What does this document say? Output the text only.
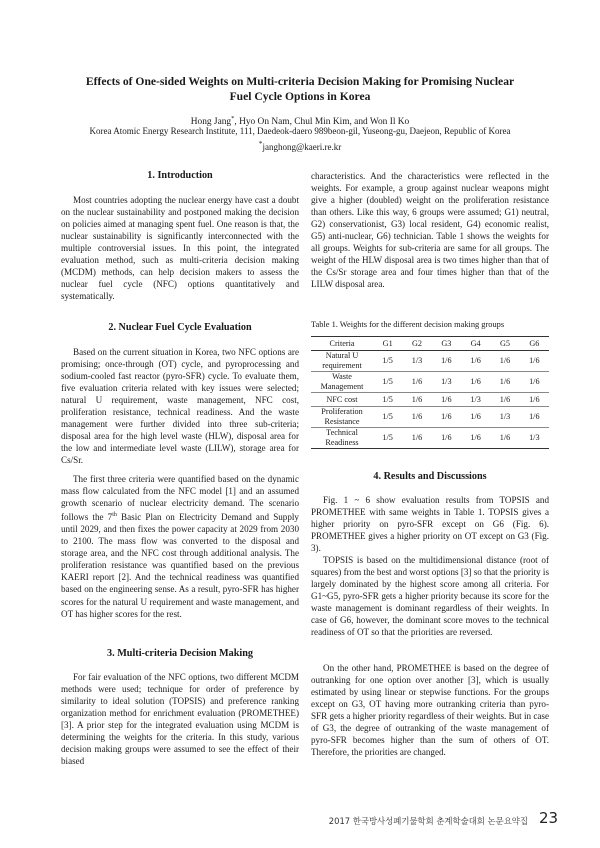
Effects of One-sided Weights on Multi-criteria Decision Making for Promising Nuclear
Fuel Cycle Options in Korea
Hong Jang*, Hyo On Nam, Chul Min Kim, and Won Il Ko
Korea Atomic Energy Research Institute, 111, Daedeok-daero 989beon-gil, Yuseong-gu, Daejeon, Republic of Korea
*janghong@kaeri.re.kr
1. Introduction

Most countries adopting the nuclear energy have cast a doubt on the nuclear sustainability and postponed making the decision on policies aimed at managing spent fuel. One reason is that, the nuclear sustainability is significantly interconnected with the multiple controversial issues. In this point, the integrated evaluation method, such as multi-criteria decision making (MCDM) methods, can help decision makers to assess the nuclear fuel cycle (NFC) options quantitatively and systematically.

2. Nuclear Fuel Cycle Evaluation

Based on the current situation in Korea, two NFC options are promising; once-through (OT) cycle, and pyroprocessing and sodium-cooled fast reactor (pyro-SFR) cycle. To evaluate them, five evaluation criteria related with key issues were selected; natural U requirement, waste management, NFC cost, proliferation resistance, technical readiness. And the waste management were further divided into three sub-criteria; disposal area for the high level waste (HLW), disposal area for the low and intermediate level waste (LILW), storage area for Cs/Sr.

The first three criteria were quantified based on the dynamic mass flow calculated from the NFC model [1] and an assumed growth scenario of nuclear electricity demand. The scenario follows the 7th Basic Plan on Electricity Demand and Supply until 2029, and then fixes the power capacity at 2029 from 2030 to 2100. The mass flow was converted to the disposal and storage area, and the NFC cost through additional analysis. The proliferation resistance was quantified based on the previous KAERI report [2]. And the technical readiness was quantified based on the engineering sense. As a result, pyro-SFR has higher scores for the natural U requirement and waste management, and OT has higher scores for the rest.

3. Multi-criteria Decision Making

For fair evaluation of the NFC options, two different MCDM methods were used; technique for order of preference by similarity to ideal solution (TOPSIS) and preference ranking organization method for enrichment evaluation (PROMETHEE) [3]. A prior step for the integrated evaluation using MCDM is determining the weights for the criteria. In this study, various decision making groups were assumed to see the effect of their biased

characteristics. And the characteristics were reflected in the weights. For example, a group against nuclear weapons might give a higher (doubled) weight on the proliferation resistance than others. Like this way, 6 groups were assumed; G1) neutral, G2) conservationist, G3) local resident, G4) economic realist, G5) anti-nuclear, G6) technician. Table 1 shows the weights for all groups. Weights for sub-criteria are same for all groups. The weight of the HLW disposal area is two times higher than that of the Cs/Sr storage area and four times higher than that of the LILW disposal area.

4. Results and Discussions

Fig. 1 ~ 6 show evaluation results from TOPSIS and PROMETHEE with same weights in Table 1. TOPSIS gives a higher priority on pyro-SFR except on G6 (Fig. 6). PROMETHEE gives a higher priority on OT except on G3 (Fig. 3).

TOPSIS is based on the multidimensional distance (root of squares) from the best and worst options [3] so that the priority is largely dominated by the highest score among all criteria. For G1~G5, pyro-SFR gets a higher priority because its score for the waste management is dominant regardless of their weights. In case of G6, however, the dominant score moves to the technical readiness of OT so that the priorities are reversed.

On the other hand, PROMETHEE is based on the degree of outranking for one option over another [3], which is usually estimated by using linear or stepwise functions. For the groups except on G3, OT having more outranking criteria than pyro-SFR gets a higher priority regardless of their weights. But in case of G3, the degree of outranking of the waste management of pyro-SFR becomes higher than the sum of others of OT. Therefore, the priorities are changed.

Table 1. Weights for the different decision making groups
Criteria	G1	G2	G3	G4	G5	G6
Natural U requirement	1/5	1/3	1/6	1/6	1/6	1/6
Waste Management	1/5	1/6	1/3	1/6	1/6	1/6
NFC cost	1/5	1/6	1/6	1/3	1/6	1/6
Proliferation Resistance	1/5	1/6	1/6	1/6	1/3	1/6
Technical Readiness	1/5	1/6	1/6	1/6	1/6	1/3
2017 한국방사성폐기물학회 춘계학술대회 논문요약집 23
